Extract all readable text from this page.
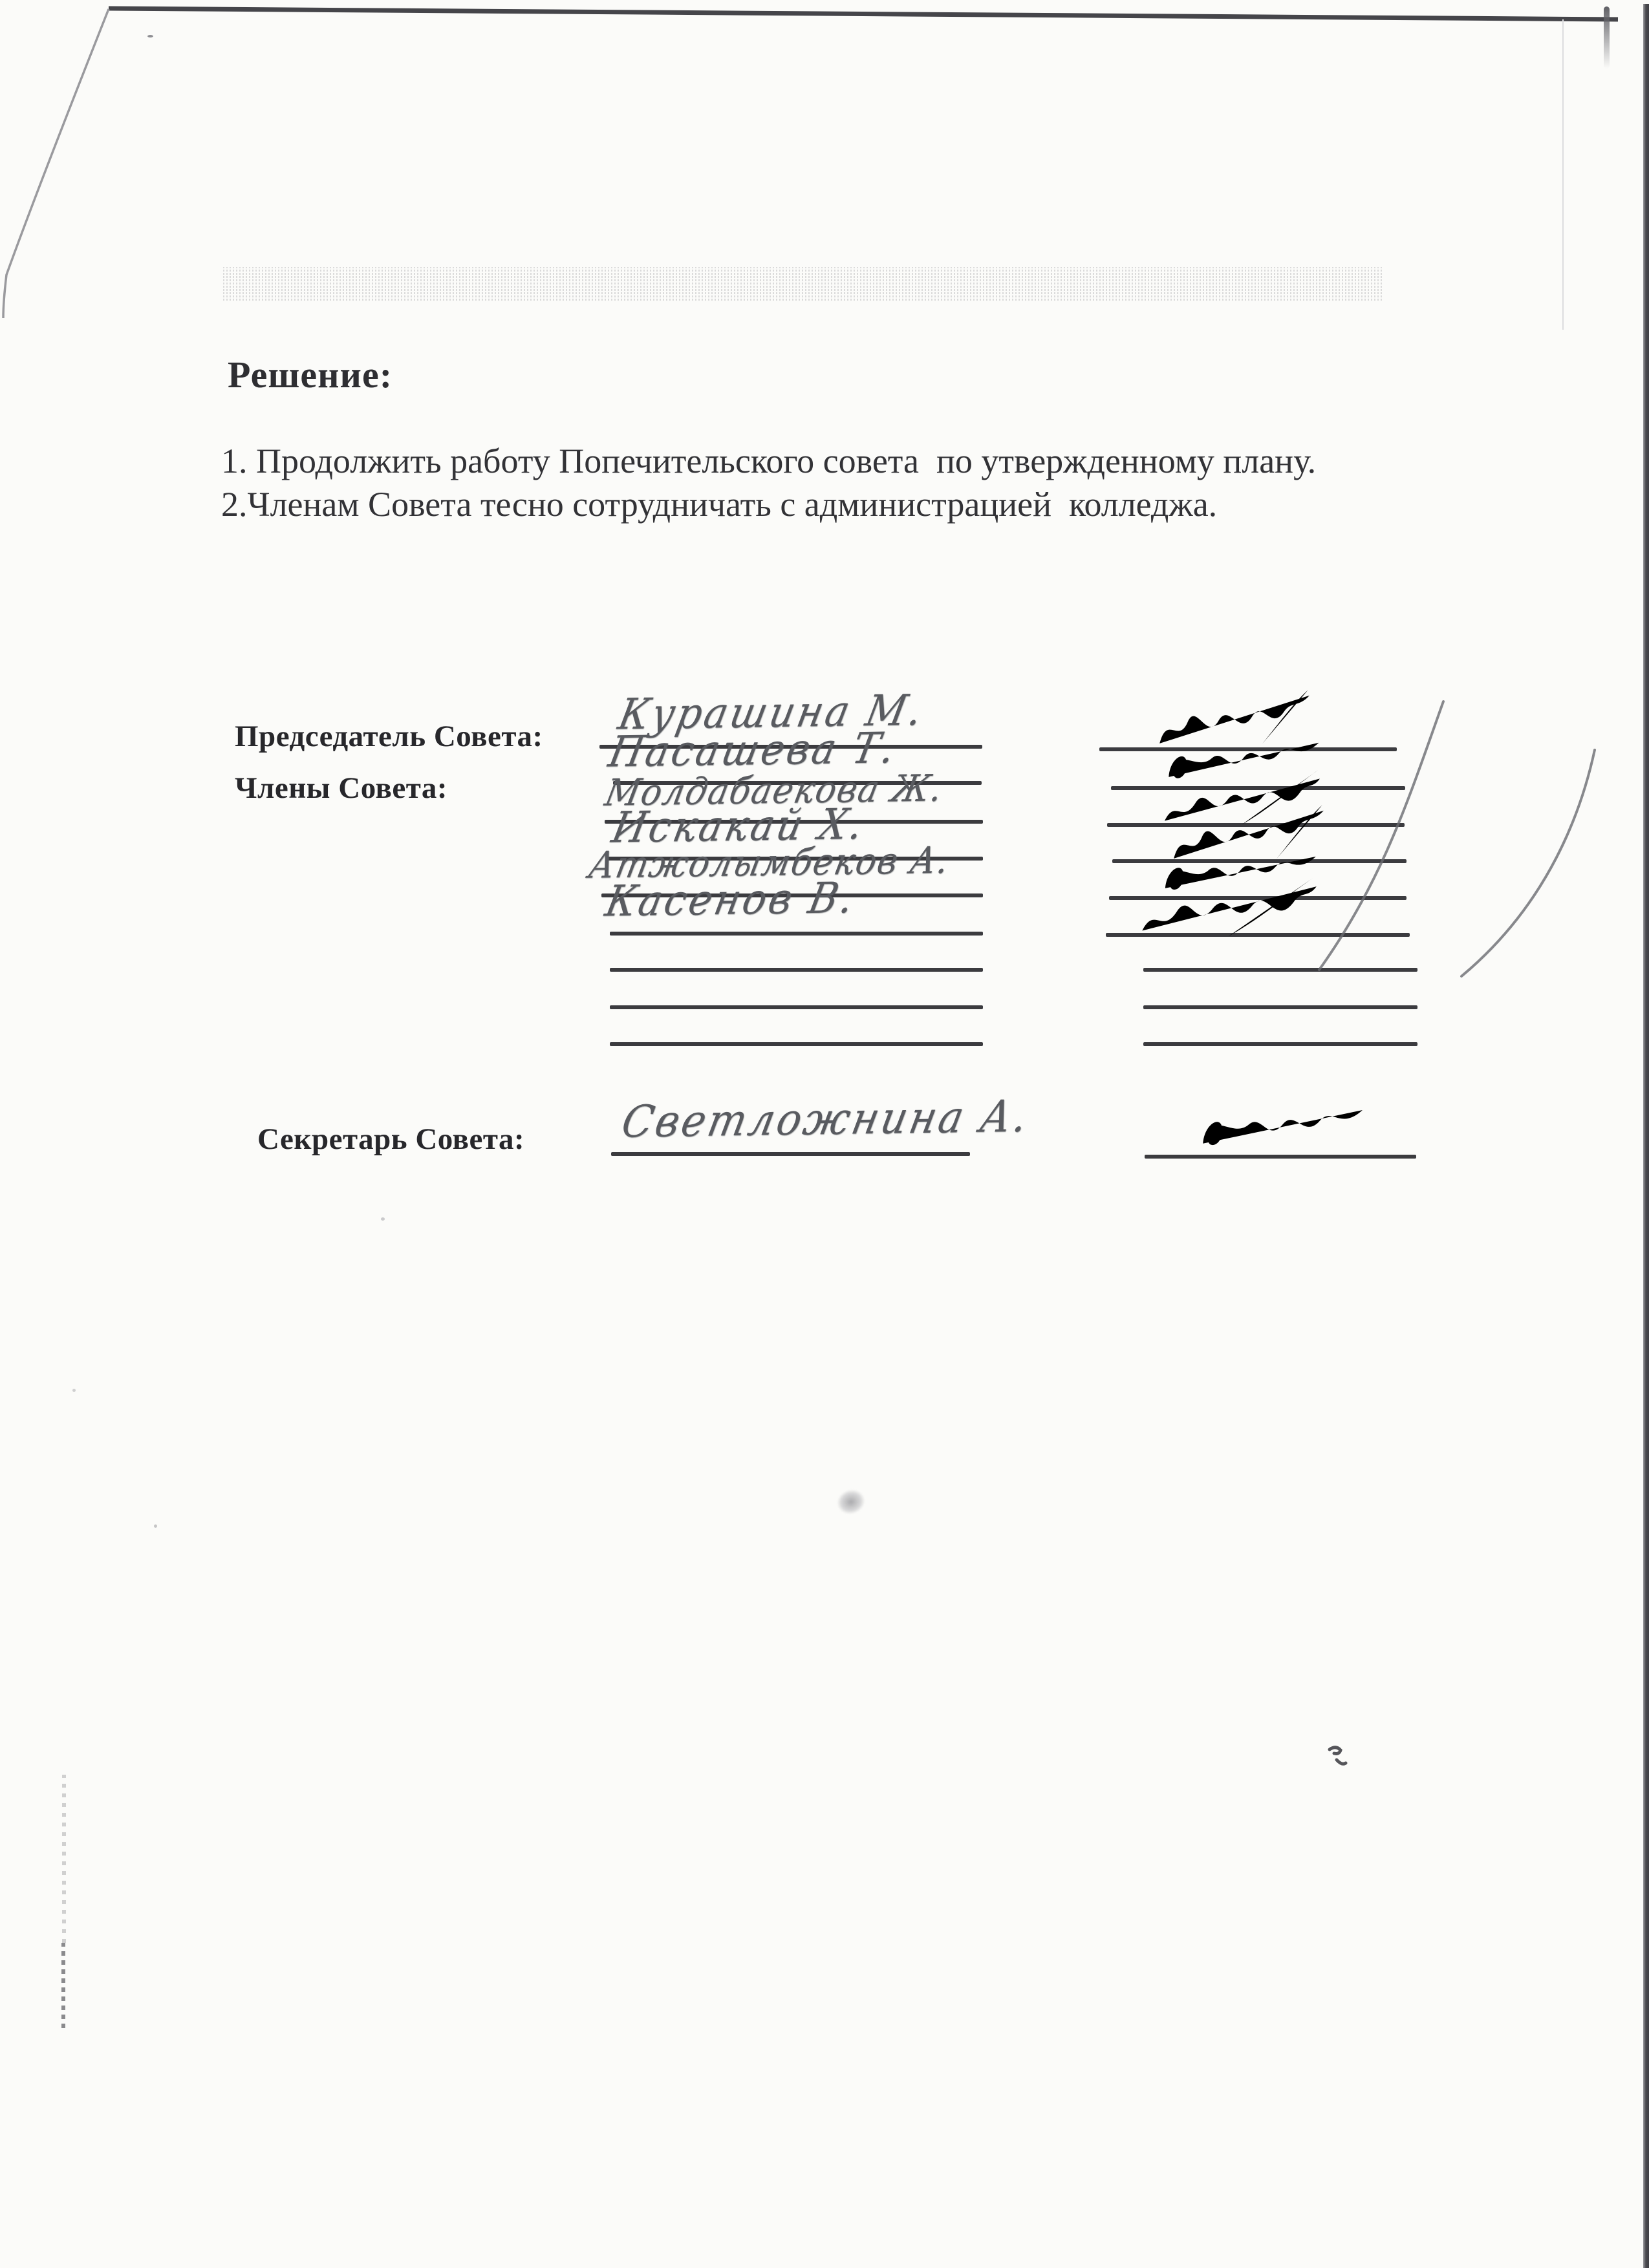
Решение:

1. Продолжить работу Попечительского совета  по утвержденному плану.

2.Членам Совета тесно сотрудничать с администрацией  колледжа.

Председатель Совета:

Члены Совета:

Секретарь Совета:

Курашина М.

Пасашева Т.

Молдабаекова Ж.

Искакай Х.

Атжолымбеков А.

Касенов В.

Светложнина А.
